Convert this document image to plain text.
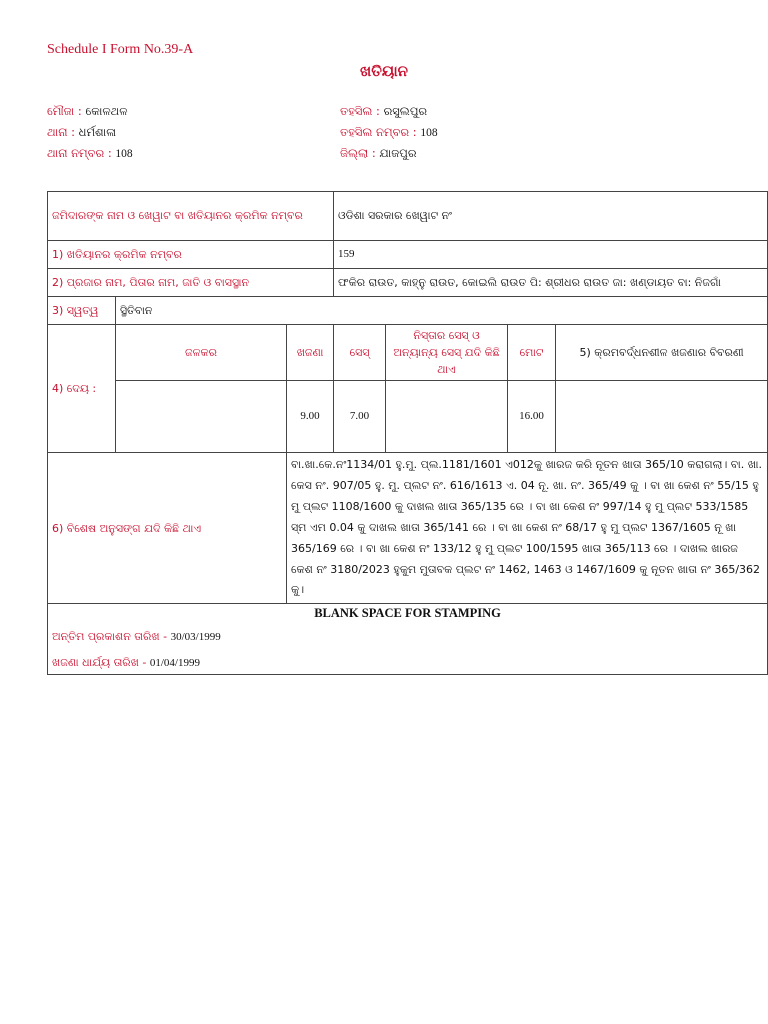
Schedule I Form No.39-A
ଖତିୟାନ
ମୌଜା : କୋଳଥଳ
ଥାନା : ଧର୍ମଶାଳା
ଥାନା ନମ୍ବର : 108
ତହସିଲ : ରସୁଲପୁର
ତହସିଲ ନମ୍ବର : 108
ଜିଲ୍ଲା : ଯାଜପୁର
ଜମିଦାରଙ୍କ ନାମ ଓ ଖେୱାଟ ବା ଖତିୟାନର କ୍ରମିକ ନମ୍ବର			ଓଡିଶା ସରକାର ଖେୱାଟ ନଂ			
1) ଖତିୟାନର କ୍ରମିକ ନମ୍ବର			159			
2) ପ୍ରଜାର ନାମ, ପିତାର ନାମ, ଜାତି ଓ ବାସସ୍ଥାନ			ଫକିର ରାଉତ, କାହ୍ନୁ ରାଉତ, କୋଇଲି ରାଉତ ପି: ଶ୍ରୀଧର ରାଉତ ଜା: ଖଣ୍ଡାୟତ ବା: ନିଜଗାଁ			
3) ସ୍ୱତ୍ୱ	ସ୍ଥିତିବାନ					
4) ଦେୟ :	ଜଳକର	ଖଜଣା	ସେସ୍	ନିସ୍ତାର ସେସ୍ ଓ ଅନ୍ୟାନ୍ୟ ସେସ୍ ଯଦି କିଛି ଥାଏ	ମୋଟ	5) କ୍ରମବର୍ଦ୍ଧନଶୀଳ ଖଜଣାର ବିବରଣୀ
		9.00	7.00		16.00	
6) ବିଶେଷ ଅନୁସଙ୍ଗ ଯଦି କିଛି ଥାଏ		ବା.ଖା.କେ.ନଂ1134/01 ହୁ.ମୁ. ପ୍ଲ.1181/1601 ଏ012କୁ ଖାରଜ କରି ନୂତନ ଖାତା 365/10 କରାଗଲା। ବା. ଖା. କେସ ନଂ. 907/05 ହୁ. ମୁ. ପ୍ଲଟ ନଂ. 616/1613 ଏ. 04 ନୂ. ଖା. ନଂ. 365/49 କୁ । ବା ଖା କେଶ ନଂ 55/15 ହୁ ମୁ ପ୍ଲଟ 1108/1600 କୁ ଦାଖଲ ଖାତା 365/135 ରେ । ବା ଖା କେଶ ନଂ 997/14 ହୁ ମୁ ପ୍ଲଟ 533/1585 ସ୍ମ ଏମ 0.04 କୁ ଦାଖଲ ଖାତା 365/141 ରେ । ବା ଖା କେଶ ନଂ 68/17 ହୁ ମୁ ପ୍ଲଟ 1367/1605 ନୂ ଖା 365/169 ରେ । ବା ଖା କେଶ ନଂ 133/12 ହୁ ମୁ ପ୍ଲଟ 100/1595 ଖାତା 365/113 ରେ । ଦାଖଲ ଖାରଜ କେଶ ନଂ 3180/2023 ହୁକୁମ ମୁତାବକ ପ୍ଲଟ ନଂ 1462, 1463 ଓ 1467/1609 କୁ ନୂତନ ଖାତା ନଂ 365/362 କୁ।				

BLANK SPACE FOR STAMPING
ଅନ୍ତିମ ପ୍ରକାଶନ ତାରିଖ - 30/03/1999
ଖଜଣା ଧାର୍ଯ୍ୟ ତାରିଖ - 01/04/1999						
